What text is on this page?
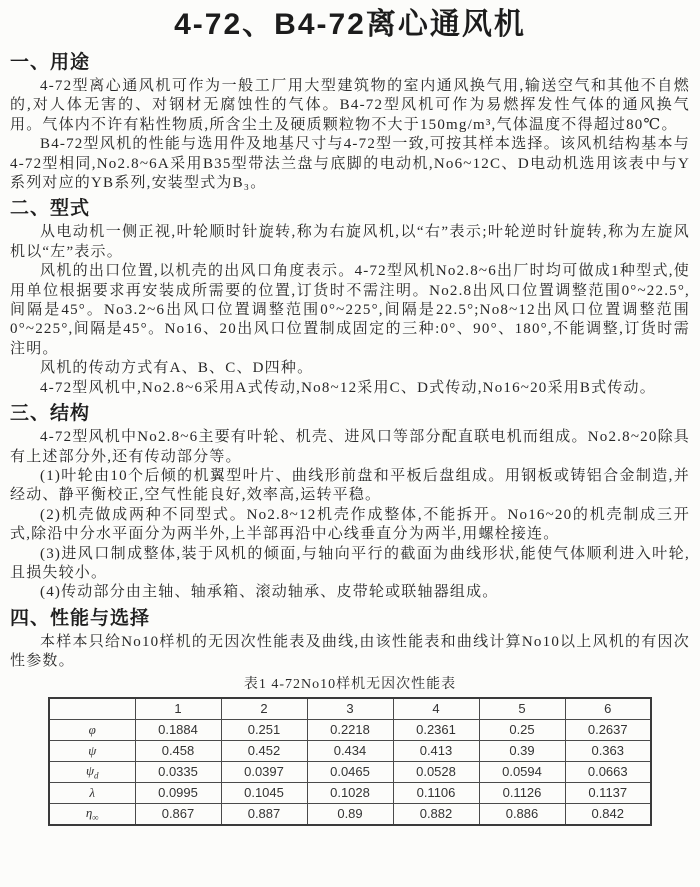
4-72、B4-72离心通风机
一、用途

4-72型离心通风机可作为一般工厂用大型建筑物的室内通风换气用,输送空气和其他不自燃的,对人体无害的、对钢材无腐蚀性的气体。B4-72型风机可作为易燃挥发性气体的通风换气用。气体内不许有粘性物质,所含尘土及硬质颗粒物不大于150mg/m³,气体温度不得超过80℃。

B4-72型风机的性能与选用件及地基尺寸与4-72型一致,可按其样本选择。该风机结构基本与4-72型相同,No2.8~6A采用B35型带法兰盘与底脚的电动机,No6~12C、D电动机选用该表中与Y系列对应的YB系列,安装型式为B₃。

二、型式

从电动机一侧正视,叶轮顺时针旋转,称为右旋风机,以“右”表示;叶轮逆时针旋转,称为左旋风机以“左”表示。

风机的出口位置,以机壳的出风口角度表示。4-72型风机No2.8~6出厂时均可做成1种型式,使用单位根据要求再安装成所需要的位置,订货时不需注明。No2.8出风口位置调整范围0°~22.5°,间隔是45°。No3.2~6出风口位置调整范围0°~225°,间隔是22.5°;No8~12出风口位置调整范围0°~225°,间隔是45°。No16、20出风口位置制成固定的三种:0°、90°、180°,不能调整,订货时需注明。

风机的传动方式有A、B、C、D四种。

4-72型风机中,No2.8~6采用A式传动,No8~12采用C、D式传动,No16~20采用B式传动。

三、结构

4-72型风机中No2.8~6主要有叶轮、机壳、进风口等部分配直联电机而组成。No2.8~20除具有上述部分外,还有传动部分等。

(1)叶轮由10个后倾的机翼型叶片、曲线形前盘和平板后盘组成。用钢板或铸铝合金制造,并经动、静平衡校正,空气性能良好,效率高,运转平稳。

(2)机壳做成两种不同型式。No2.8~12机壳作成整体,不能拆开。No16~20的机壳制成三开式,除沿中分水平面分为两半外,上半部再沿中心线垂直分为两半,用螺栓接连。

(3)进风口制成整体,装于风机的倾面,与轴向平行的截面为曲线形状,能使气体顺利进入叶轮,且损失较小。

(4)传动部分由主轴、轴承箱、滚动轴承、皮带轮或联轴器组成。

四、性能与选择

本样本只给No10样机的无因次性能表及曲线,由该性能表和曲线计算No10以上风机的有因次性参数。

表1 4-72No10样机无因次性能表
	1	2	3	4	5	6
φ	0.1884	0.251	0.2218	0.2361	0.25	0.2637
ψ	0.458	0.452	0.434	0.413	0.39	0.363
$\psi_d$	0.0335	0.0397	0.0465	0.0528	0.0594	0.0663
λ	0.0995	0.1045	0.1028	0.1106	0.1126	0.1137
$\eta_\infty$	0.867	0.887	0.89	0.882	0.886	0.842
